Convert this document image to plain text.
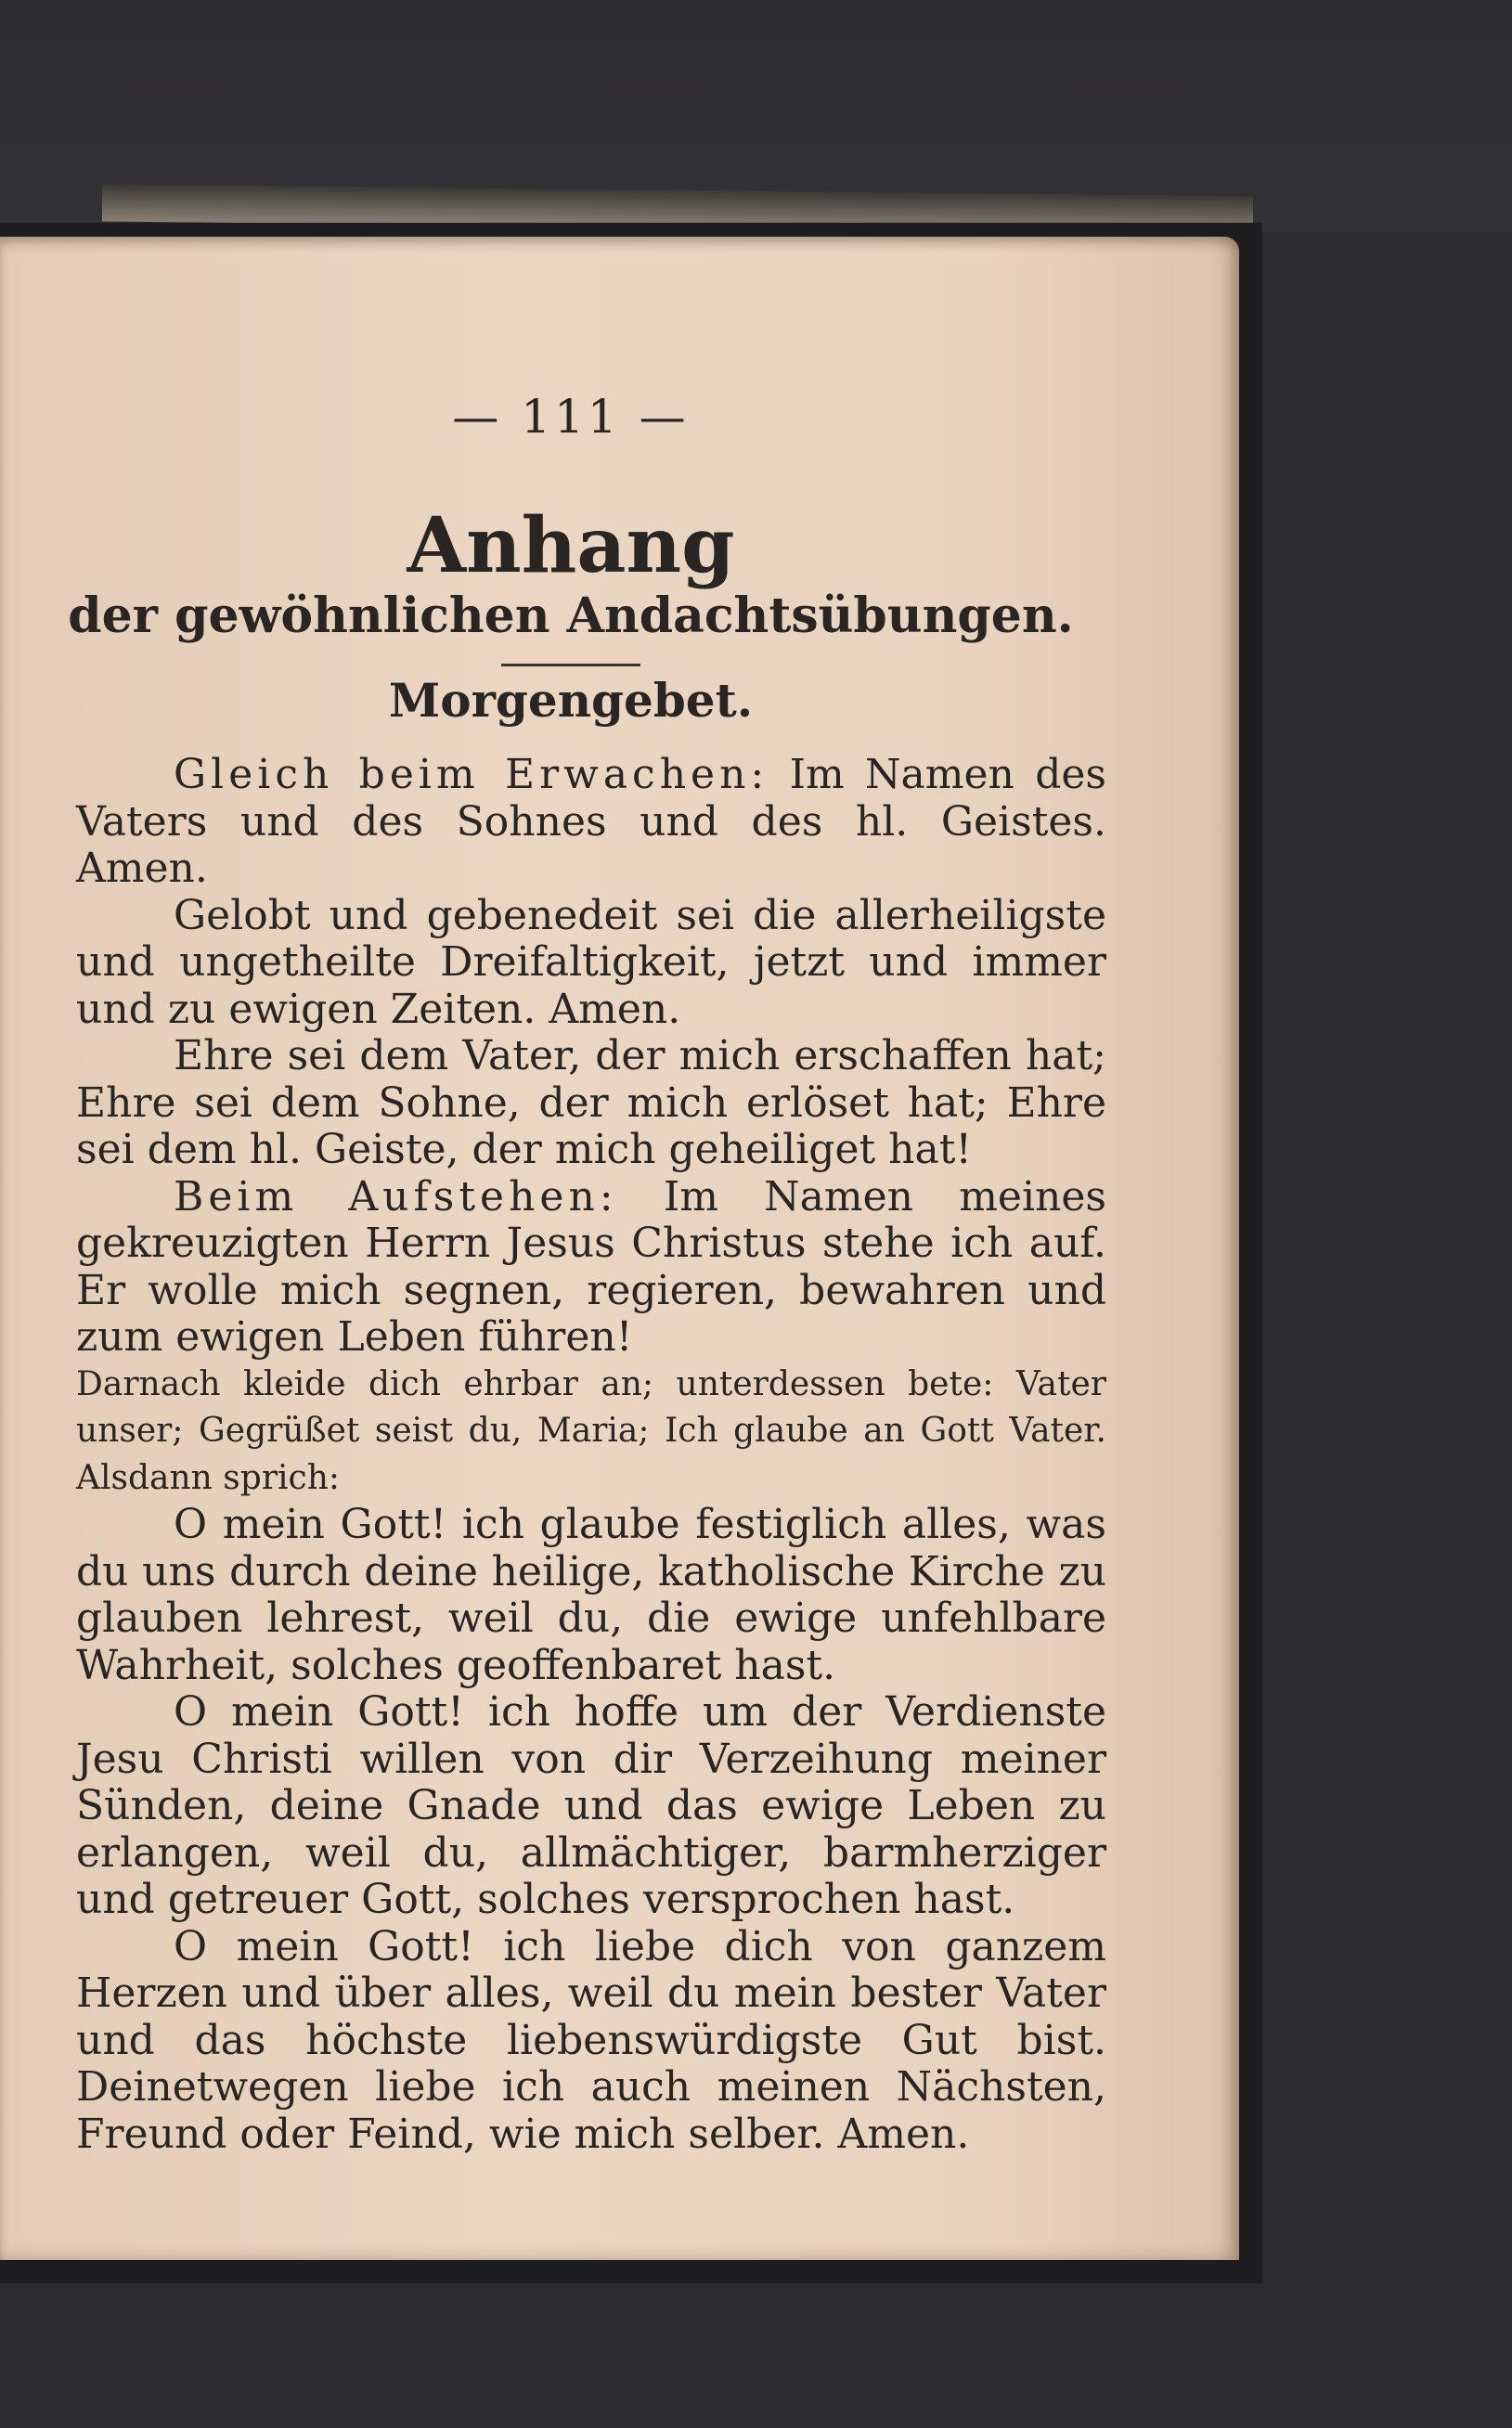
— 111 —
Anhang
der gewöhnlichen Andachtsübungen.
Morgengebet.

Gleich beim Erwachen: Im Namen des Vaters und des Sohnes und des hl. Geistes. Amen.

Gelobt und gebenedeit sei die allerheiligste und ungetheilte Dreifaltigkeit, jetzt und immer und zu ewigen Zeiten. Amen.

Ehre sei dem Vater, der mich erschaffen hat; Ehre sei dem Sohne, der mich erlöset hat; Ehre sei dem hl. Geiste, der mich geheiliget hat!

Beim Aufstehen: Im Namen meines gekreuzigten Herrn Jesus Christus stehe ich auf. Er wolle mich segnen, regieren, bewahren und zum ewigen Leben führen!

Darnach kleide dich ehrbar an; unterdessen bete: Vater unser; Gegrüßet seist du, Maria; Ich glaube an Gott Vater. Alsdann sprich:

O mein Gott! ich glaube festiglich alles, was du uns durch deine heilige, katholische Kirche zu glauben lehrest, weil du, die ewige unfehlbare Wahrheit, solches geoffenbaret hast.

O mein Gott! ich hoffe um der Verdienste Jesu Christi willen von dir Verzeihung meiner Sünden, deine Gnade und das ewige Leben zu erlangen, weil du, allmächtiger, barmherziger und getreuer Gott, solches versprochen hast.

O mein Gott! ich liebe dich von ganzem Herzen und über alles, weil du mein bester Vater und das höchste liebenswürdigste Gut bist. Deinetwegen liebe ich auch meinen Nächsten, Freund oder Feind, wie mich selber. Amen.
